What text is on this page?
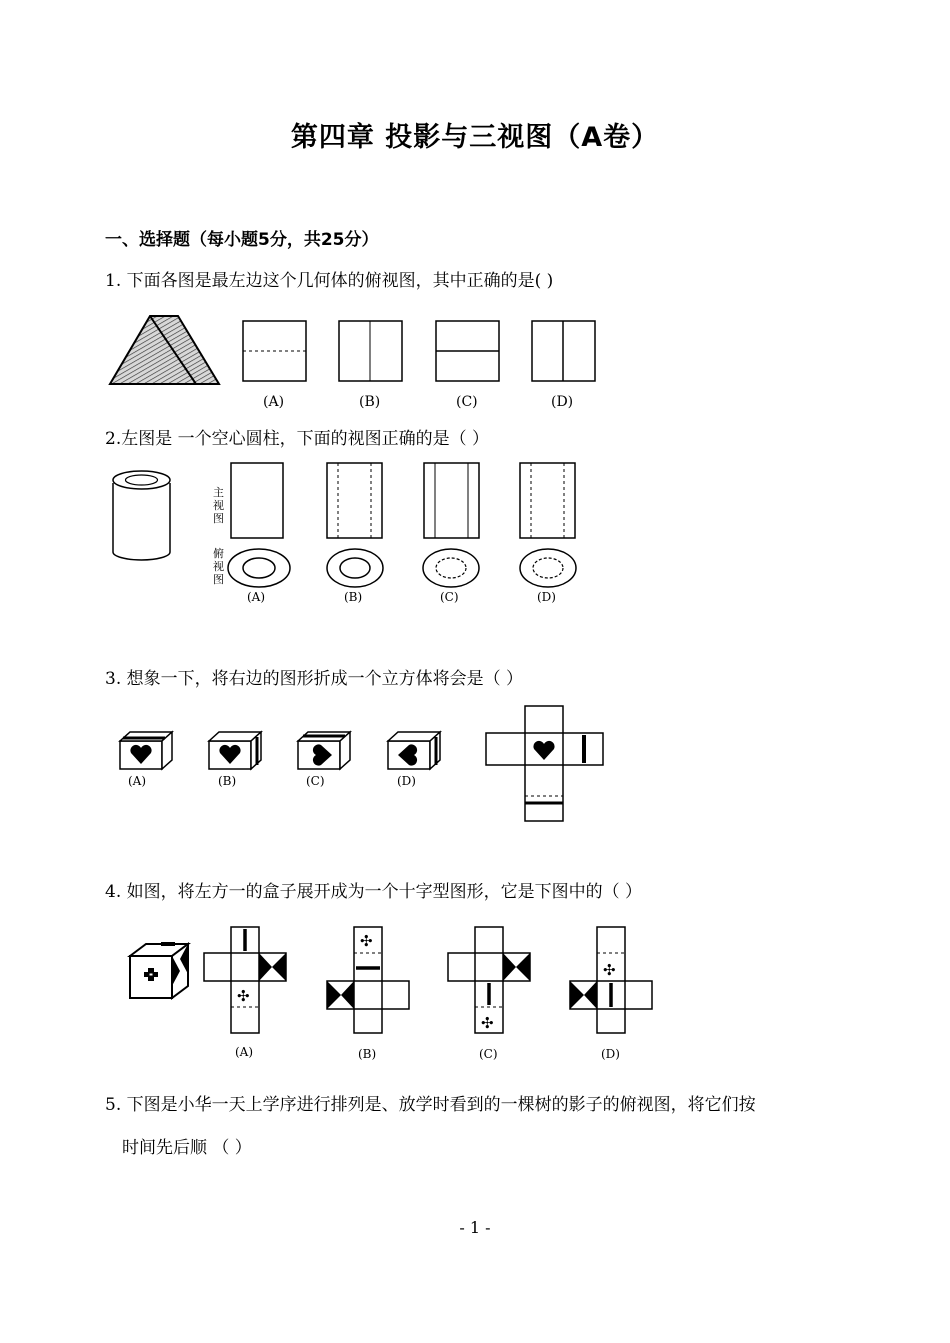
第四章 投影与三视图（A卷）
一、选择题（每小题5分，共25分）
1. 下面各图是最左边这个几何体的俯视图，其中正确的是( )
2.左图是 一个空心圆柱，下面的视图正确的是（ ）
3. 想象一下，将右边的图形折成一个立方体将会是（ ）
4. 如图，将左方一的盒子展开成为一个十字型图形，它是下图中的（ ）
5. 下图是小华一天上学序进行排列是、放学时看到的一棵树的影子的俯视图，将它们按
时间先后顺 （ ）
- 1 -
(A)	(B)	(C)	(D)
主
视
图
俯
视
图
(A)	(B)	(C)	(D)
(A)	(B)	(C)	(D)
✣
✣
✣
✣
(A)	(B)	(C)	(D)
